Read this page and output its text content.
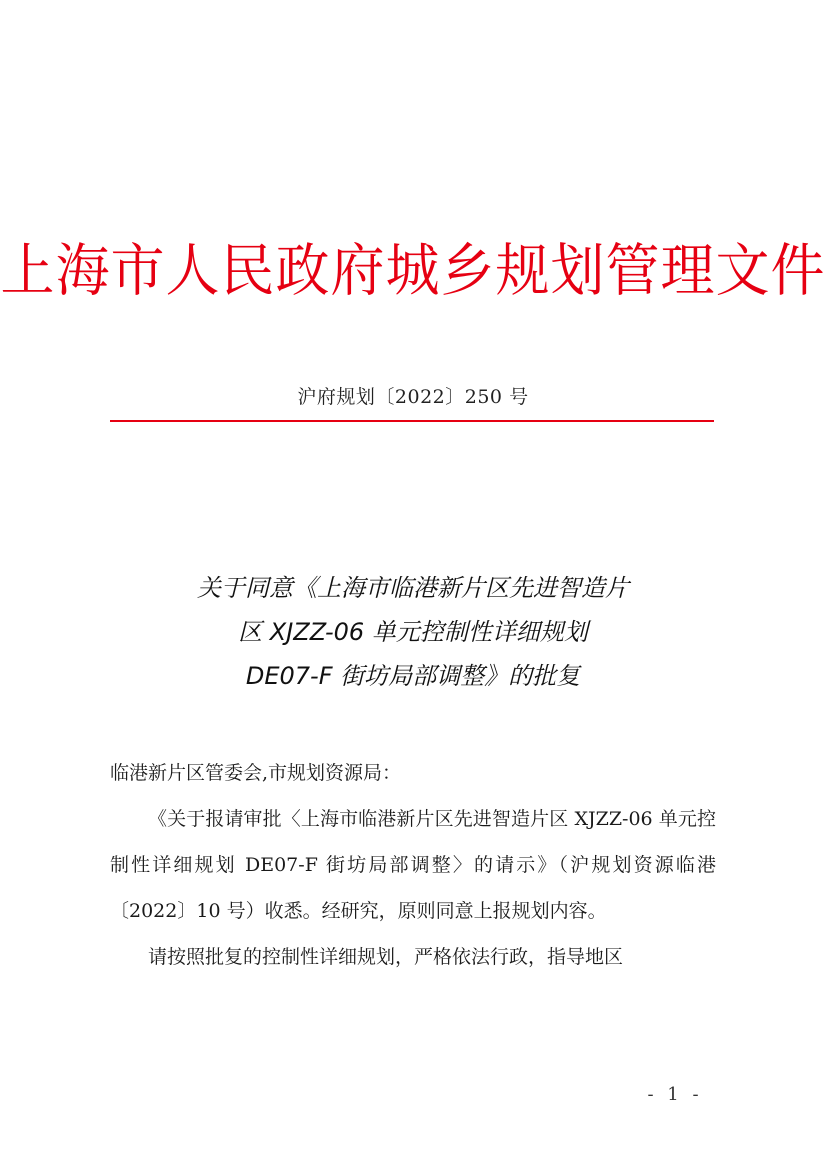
上海市人民政府城乡规划管理文件
沪府规划〔2022〕250 号
关于同意《上海市临港新片区先进智造片
区 XJZZ-06 单元控制性详细规划
DE07-F 街坊局部调整》的批复

临港新片区管委会,市规划资源局：

《关于报请审批〈上海市临港新片区先进智造片区 XJZZ-06 单元控制性详细规划 DE07-F 街坊局部调整〉的请示》（沪规划资源临港〔2022〕10 号）收悉。经研究，原则同意上报规划内容。

请按照批复的控制性详细规划，严格依法行政，指导地区

- 1 -
